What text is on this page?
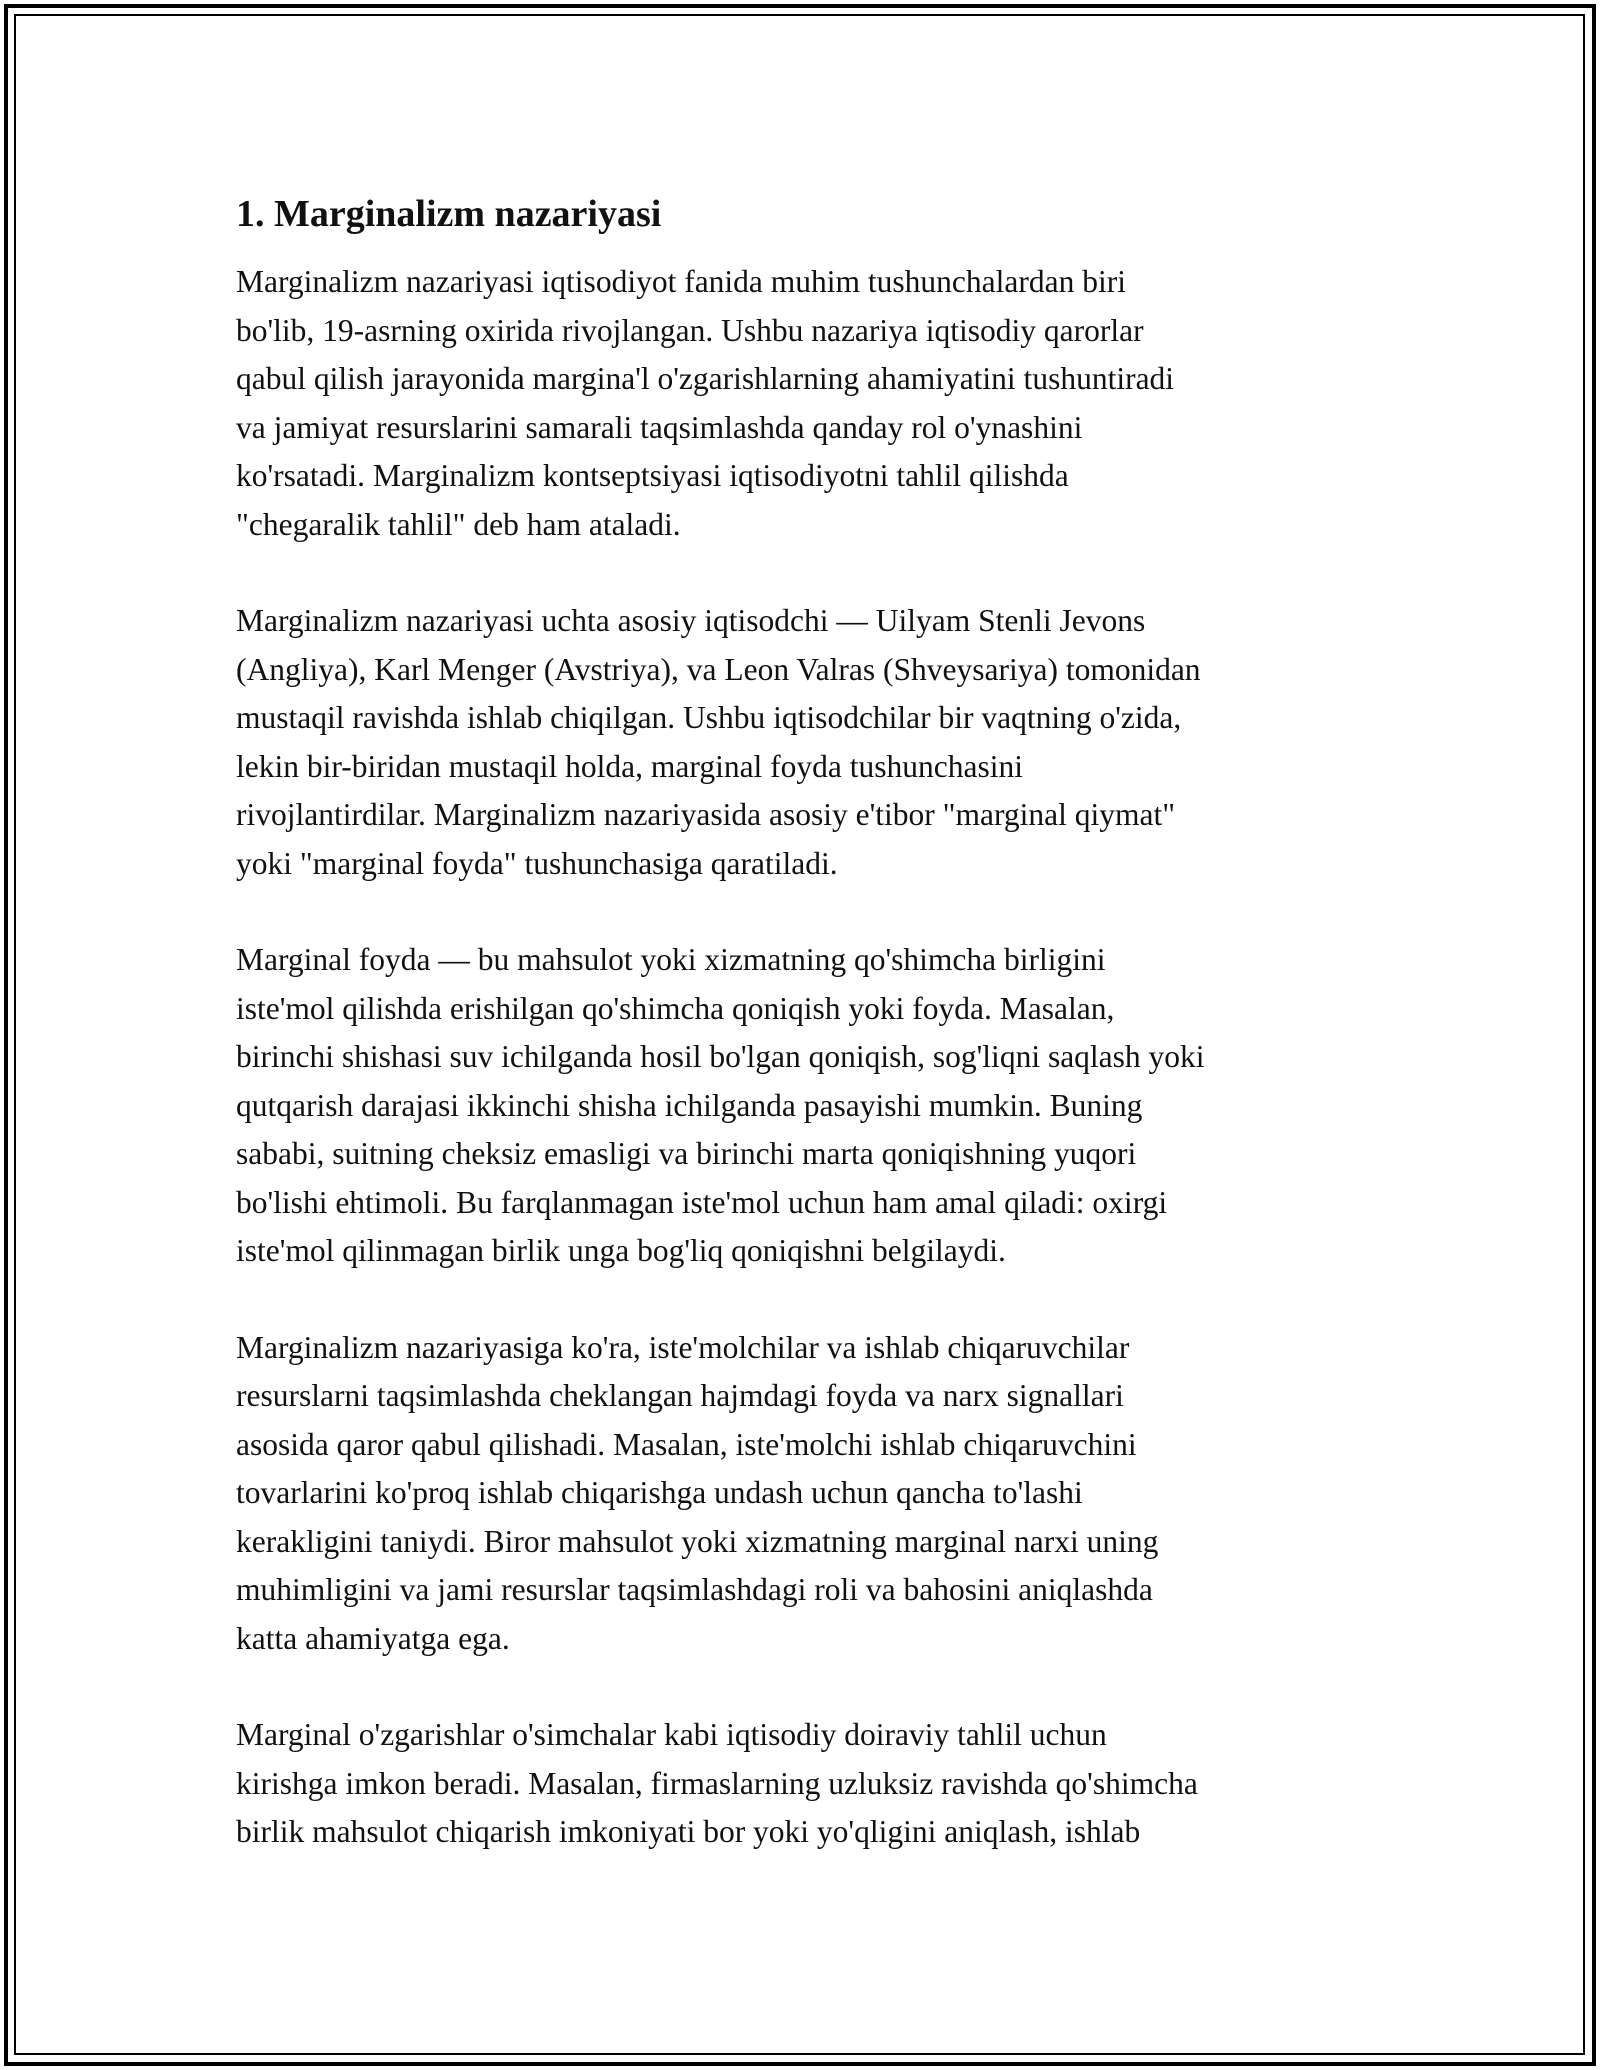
1. Marginalizm nazariyasi

Marginalizm nazariyasi iqtisodiyot fanida muhim tushunchalardan biri
bo'lib, 19-asrning oxirida rivojlangan. Ushbu nazariya iqtisodiy qarorlar
qabul qilish jarayonida margina'l o'zgarishlarning ahamiyatini tushuntiradi
va jamiyat resurslarini samarali taqsimlashda qanday rol o'ynashini
ko'rsatadi. Marginalizm kontseptsiyasi iqtisodiyotni tahlil qilishda
"chegaralik tahlil" deb ham ataladi.

Marginalizm nazariyasi uchta asosiy iqtisodchi — Uilyam Stenli Jevons
(Angliya), Karl Menger (Avstriya), va Leon Valras (Shveysariya) tomonidan
mustaqil ravishda ishlab chiqilgan. Ushbu iqtisodchilar bir vaqtning o'zida,
lekin bir-biridan mustaqil holda, marginal foyda tushunchasini
rivojlantirdilar. Marginalizm nazariyasida asosiy e'tibor "marginal qiymat"
yoki "marginal foyda" tushunchasiga qaratiladi.

Marginal foyda — bu mahsulot yoki xizmatning qo'shimcha birligini
iste'mol qilishda erishilgan qo'shimcha qoniqish yoki foyda. Masalan,
birinchi shishasi suv ichilganda hosil bo'lgan qoniqish, sog'liqni saqlash yoki
qutqarish darajasi ikkinchi shisha ichilganda pasayishi mumkin. Buning
sababi, suitning cheksiz emasligi va birinchi marta qoniqishning yuqori
bo'lishi ehtimoli. Bu farqlanmagan iste'mol uchun ham amal qiladi: oxirgi
iste'mol qilinmagan birlik unga bog'liq qoniqishni belgilaydi.

Marginalizm nazariyasiga ko'ra, iste'molchilar va ishlab chiqaruvchilar
resurslarni taqsimlashda cheklangan hajmdagi foyda va narx signallari
asosida qaror qabul qilishadi. Masalan, iste'molchi ishlab chiqaruvchini
tovarlarini ko'proq ishlab chiqarishga undash uchun qancha to'lashi
kerakligini taniydi. Biror mahsulot yoki xizmatning marginal narxi uning
muhimligini va jami resurslar taqsimlashdagi roli va bahosini aniqlashda
katta ahamiyatga ega.

Marginal o'zgarishlar o'simchalar kabi iqtisodiy doiraviy tahlil uchun
kirishga imkon beradi. Masalan, firmaslarning uzluksiz ravishda qo'shimcha
birlik mahsulot chiqarish imkoniyati bor yoki yo'qligini aniqlash, ishlab
